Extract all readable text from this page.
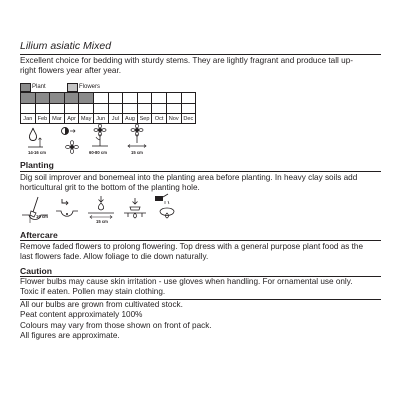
Lilium asiatic Mixed
Excellent choice for bedding with sturdy stems. They are lightly fragrant and produce tall up-
right flowers year after year.
Plant	Flowers

Jan	Feb	Mar	Apr	May	Jun	Jul	Aug	Sep	Oct	Nov	Dec
14-16 cm	60-80 cm	15 cm
Planting
Dig soil improver and bonemeal into the planting area before planting. In heavy clay soils add
horticultural grit to the bottom of the planting hole.
16 cm
15 cm
Aftercare
Remove faded flowers to prolong flowering. Top dress with a general purpose plant food as the
last flowers fade. Allow foliage to die down naturally.
Caution
Flower bulbs may cause skin irritation - use gloves when handling. For ornamental use only.
Toxic if eaten. Pollen may stain clothing.
All our bulbs are grown from cultivated stock.
Peat content approximately 100%
Colours may vary from those shown on front of pack.
All figures are approximate.
